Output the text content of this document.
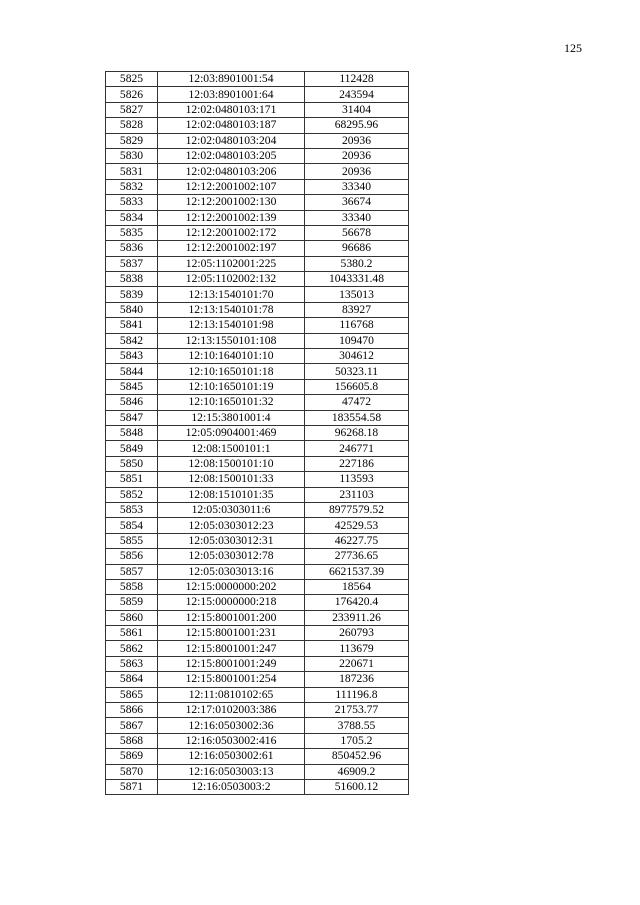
125
5825	12:03:8901001:54	112428
5826	12:03:8901001:64	243594
5827	12:02:0480103:171	31404
5828	12:02:0480103:187	68295.96
5829	12:02:0480103:204	20936
5830	12:02:0480103:205	20936
5831	12:02:0480103:206	20936
5832	12:12:2001002:107	33340
5833	12:12:2001002:130	36674
5834	12:12:2001002:139	33340
5835	12:12:2001002:172	56678
5836	12:12:2001002:197	96686
5837	12:05:1102001:225	5380.2
5838	12:05:1102002:132	1043331.48
5839	12:13:1540101:70	135013
5840	12:13:1540101:78	83927
5841	12:13:1540101:98	116768
5842	12:13:1550101:108	109470
5843	12:10:1640101:10	304612
5844	12:10:1650101:18	50323.11
5845	12:10:1650101:19	156605.8
5846	12:10:1650101:32	47472
5847	12:15:3801001:4	183554.58
5848	12:05:0904001:469	96268.18
5849	12:08:1500101:1	246771
5850	12:08:1500101:10	227186
5851	12:08:1500101:33	113593
5852	12:08:1510101:35	231103
5853	12:05:0303011:6	8977579.52
5854	12:05:0303012:23	42529.53
5855	12:05:0303012:31	46227.75
5856	12:05:0303012:78	27736.65
5857	12:05:0303013:16	6621537.39
5858	12:15:0000000:202	18564
5859	12:15:0000000:218	176420.4
5860	12:15:8001001:200	233911.26
5861	12:15:8001001:231	260793
5862	12:15:8001001:247	113679
5863	12:15:8001001:249	220671
5864	12:15:8001001:254	187236
5865	12:11:0810102:65	111196.8
5866	12:17:0102003:386	21753.77
5867	12:16:0503002:36	3788.55
5868	12:16:0503002:416	1705.2
5869	12:16:0503002:61	850452.96
5870	12:16:0503003:13	46909.2
5871	12:16:0503003:2	51600.12
